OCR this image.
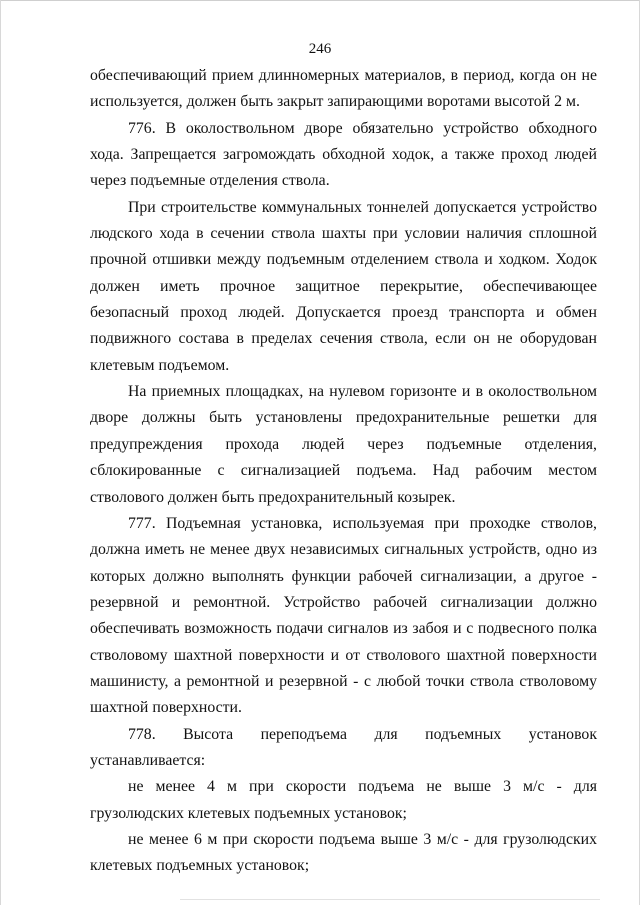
246

обеспечивающий прием длинномерных материалов, в период, когда он не используется, должен быть закрыт запирающими воротами высотой 2 м.

776. В околоствольном дворе обязательно устройство обходного хода. Запрещается загромождать обходной ходок, а также проход людей через подъемные отделения ствола.

При строительстве коммунальных тоннелей допускается устройство людского хода в сечении ствола шахты при условии наличия сплошной прочной отшивки между подъемным отделением ствола и ходком. Ходок должен иметь прочное защитное перекрытие, обеспечивающее безопасный проход людей. Допускается проезд транспорта и обмен подвижного состава в пределах сечения ствола, если он не оборудован клетевым подъемом.

На приемных площадках, на нулевом горизонте и в околоствольном дворе должны быть установлены предохранительные решетки для предупреждения прохода людей через подъемные отделения, сблокированные с сигнализацией подъема. Над рабочим местом стволового должен быть предохранительный козырек.

777. Подъемная установка, используемая при проходке стволов, должна иметь не менее двух независимых сигнальных устройств, одно из которых должно выполнять функции рабочей сигнализации, а другое - резервной и ремонтной. Устройство рабочей сигнализации должно обеспечивать возможность подачи сигналов из забоя и с подвесного полка стволовому шахтной поверхности и от стволового шахтной поверхности машинисту, а ремонтной и резервной - с любой точки ствола стволовому шахтной поверхности.

778. Высота переподъема для подъемных установок устанавливается:

не менее 4 м при скорости подъема не выше 3 м/с - для грузолюдских клетевых подъемных установок;

не менее 6 м при скорости подъема выше 3 м/с - для грузолюдских клетевых подъемных установок;
